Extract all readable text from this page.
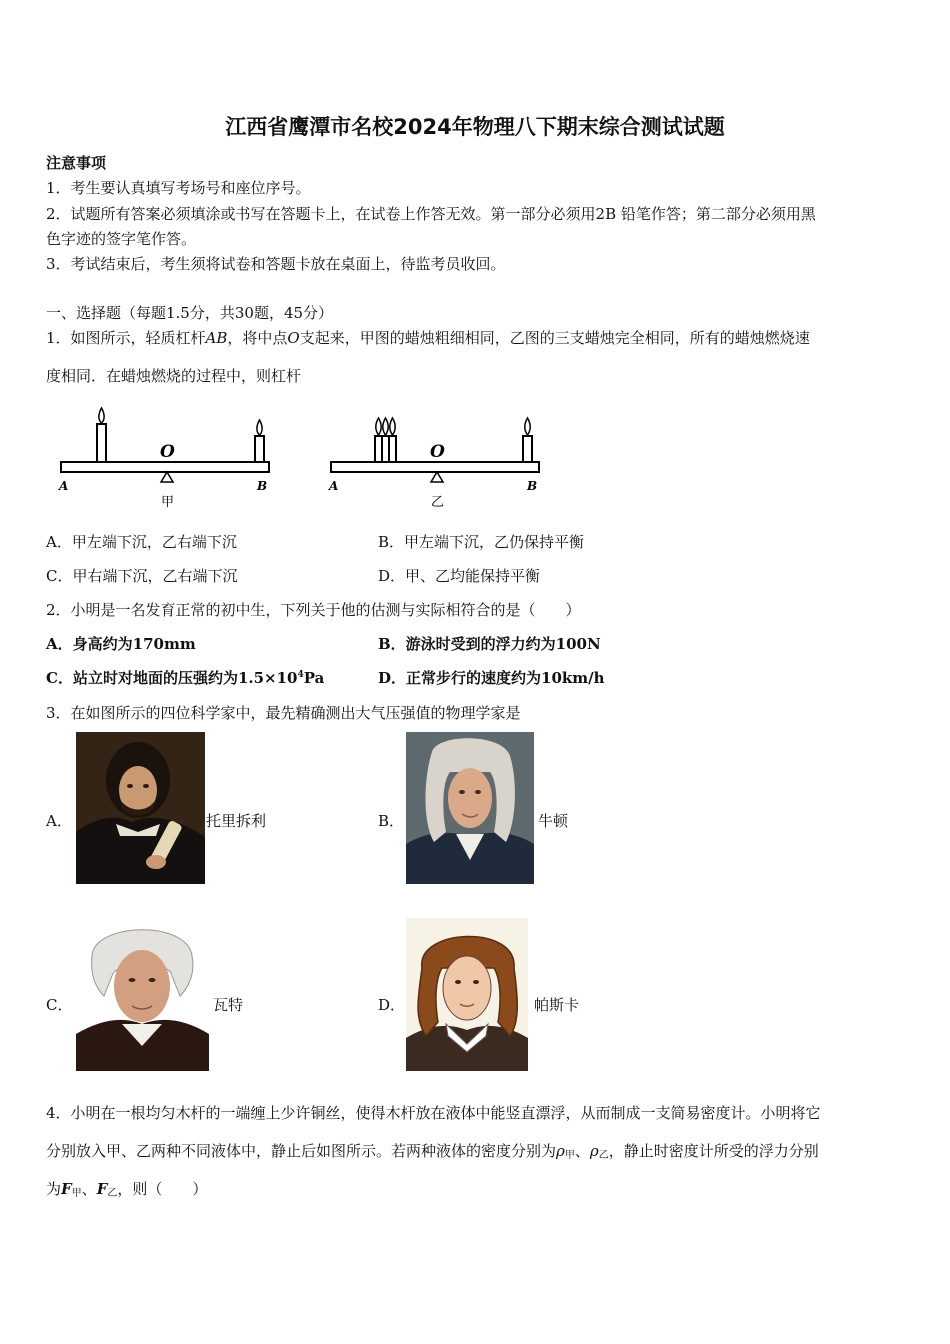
江西省鹰潭市名校2024年物理八下期末综合测试试题
注意事项
1．考生要认真填写考场号和座位序号。
2．试题所有答案必须填涂或书写在答题卡上，在试卷上作答无效。第一部分必须用2B 铅笔作答；第二部分必须用黑
色字迹的签字笔作答。
3．考试结束后，考生须将试卷和答题卡放在桌面上，待监考员收回。
一、选择题（每题1.5分，共30题，45分）
1．如图所示，轻质杠杆AB，将中点O支起来，甲图的蜡烛粗细相同，乙图的三支蜡烛完全相同，所有的蜡烛燃烧速
度相同．在蜡烛燃烧的过程中，则杠杆
O
A	B
甲
O
A	B
乙
A．甲左端下沉，乙右端下沉	B．甲左端下沉，乙仍保持平衡
C．甲右端下沉，乙右端下沉	D．甲、乙均能保持平衡
2．小明是一名发育正常的初中生，下列关于他的估测与实际相符合的是（　　）
A．身高约为170mm	B．游泳时受到的浮力约为100N
C．站立时对地面的压强约为$1.5\times 10^4Pa$	D．正常步行的速度约为10km/h
3．在如图所示的四位科学家中，最先精确测出大气压强值的物理学家是
A．	托里拆利	B．	牛顿
C．	瓦特	D．	帕斯卡
4．小明在一根均匀木杆的一端缠上少许铜丝，使得木杆放在液体中能竖直漂浮，从而制成一支简易密度计。小明将它
分别放入甲、乙两种不同液体中，静止后如图所示。若两种液体的密度分别为$\rho_甲$、$\rho_乙$，静止时密度计所受的浮力分别
为$F_甲$、$F_乙$，则（　　）
